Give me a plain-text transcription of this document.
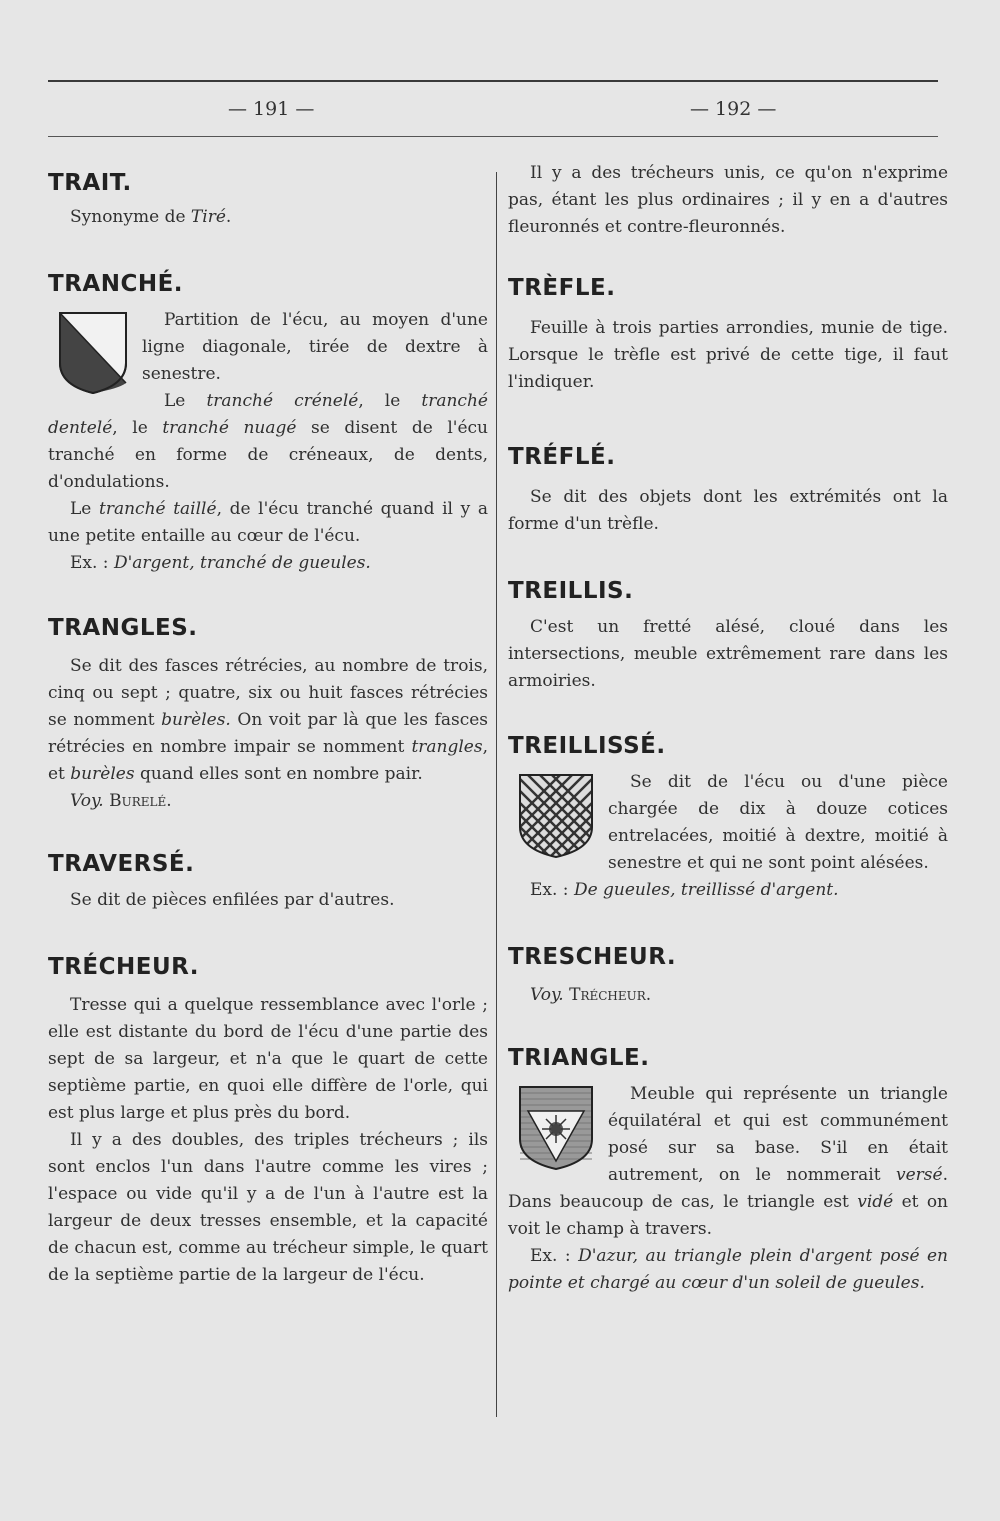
— 191 —	— 192 —
TRAIT.

Synonyme de Tiré.

TRANCHÉ.

Partition de l'écu, au moyen d'une ligne diagonale, tirée de dextre à senestre.

Le tranché crénelé, le tranché dentelé, le tranché nuagé se disent de l'écu tranché en forme de créneaux, de dents, d'ondulations.

Le tranché taillé, de l'écu tranché quand il y a une petite entaille au cœur de l'écu.

Ex. : D'argent, tranché de gueules.

TRANGLES.

Se dit des fasces rétrécies, au nombre de trois, cinq ou sept ; quatre, six ou huit fasces rétrécies se nomment burèles. On voit par là que les fasces rétrécies en nombre impair se nomment trangles, et burèles quand elles sont en nombre pair.

Voy. Burelé.

TRAVERSÉ.

Se dit de pièces enfilées par d'autres.

TRÉCHEUR.

Tresse qui a quelque ressemblance avec l'orle ; elle est distante du bord de l'écu d'une partie des sept de sa largeur, et n'a que le quart de cette septième partie, en quoi elle diffère de l'orle, qui est plus large et plus près du bord.

Il y a des doubles, des triples trécheurs ; ils sont enclos l'un dans l'autre comme les vires ; l'espace ou vide qu'il y a de l'un à l'autre est la largeur de deux tresses ensemble, et la capacité de chacun est, comme au trécheur simple, le quart de la septième partie de la largeur de l'écu.

Il y a des trécheurs unis, ce qu'on n'exprime pas, étant les plus ordinaires ; il y en a d'autres fleuronnés et contre-fleuronnés.

TRÈFLE.

Feuille à trois parties arrondies, munie de tige. Lorsque le trèfle est privé de cette tige, il faut l'indiquer.

TRÉFLÉ.

Se dit des objets dont les extrémités ont la forme d'un trèfle.

TREILLIS.

C'est un fretté alésé, cloué dans les intersections, meuble extrêmement rare dans les armoiries.

TREILLISSÉ.

Se dit de l'écu ou d'une pièce chargée de dix à douze cotices entrelacées, moitié à dextre, moitié à senestre et qui ne sont point alésées.

Ex. : De gueules, treillissé d'argent.

TRESCHEUR.

Voy. Trécheur.

TRIANGLE.

Meuble qui représente un triangle équilatéral et qui est communément posé sur sa base. S'il en était autrement, on le nommerait versé. Dans beaucoup de cas, le triangle est vidé et on voit le champ à travers.

Ex. : D'azur, au triangle plein d'argent posé en pointe et chargé au cœur d'un soleil de gueules.
